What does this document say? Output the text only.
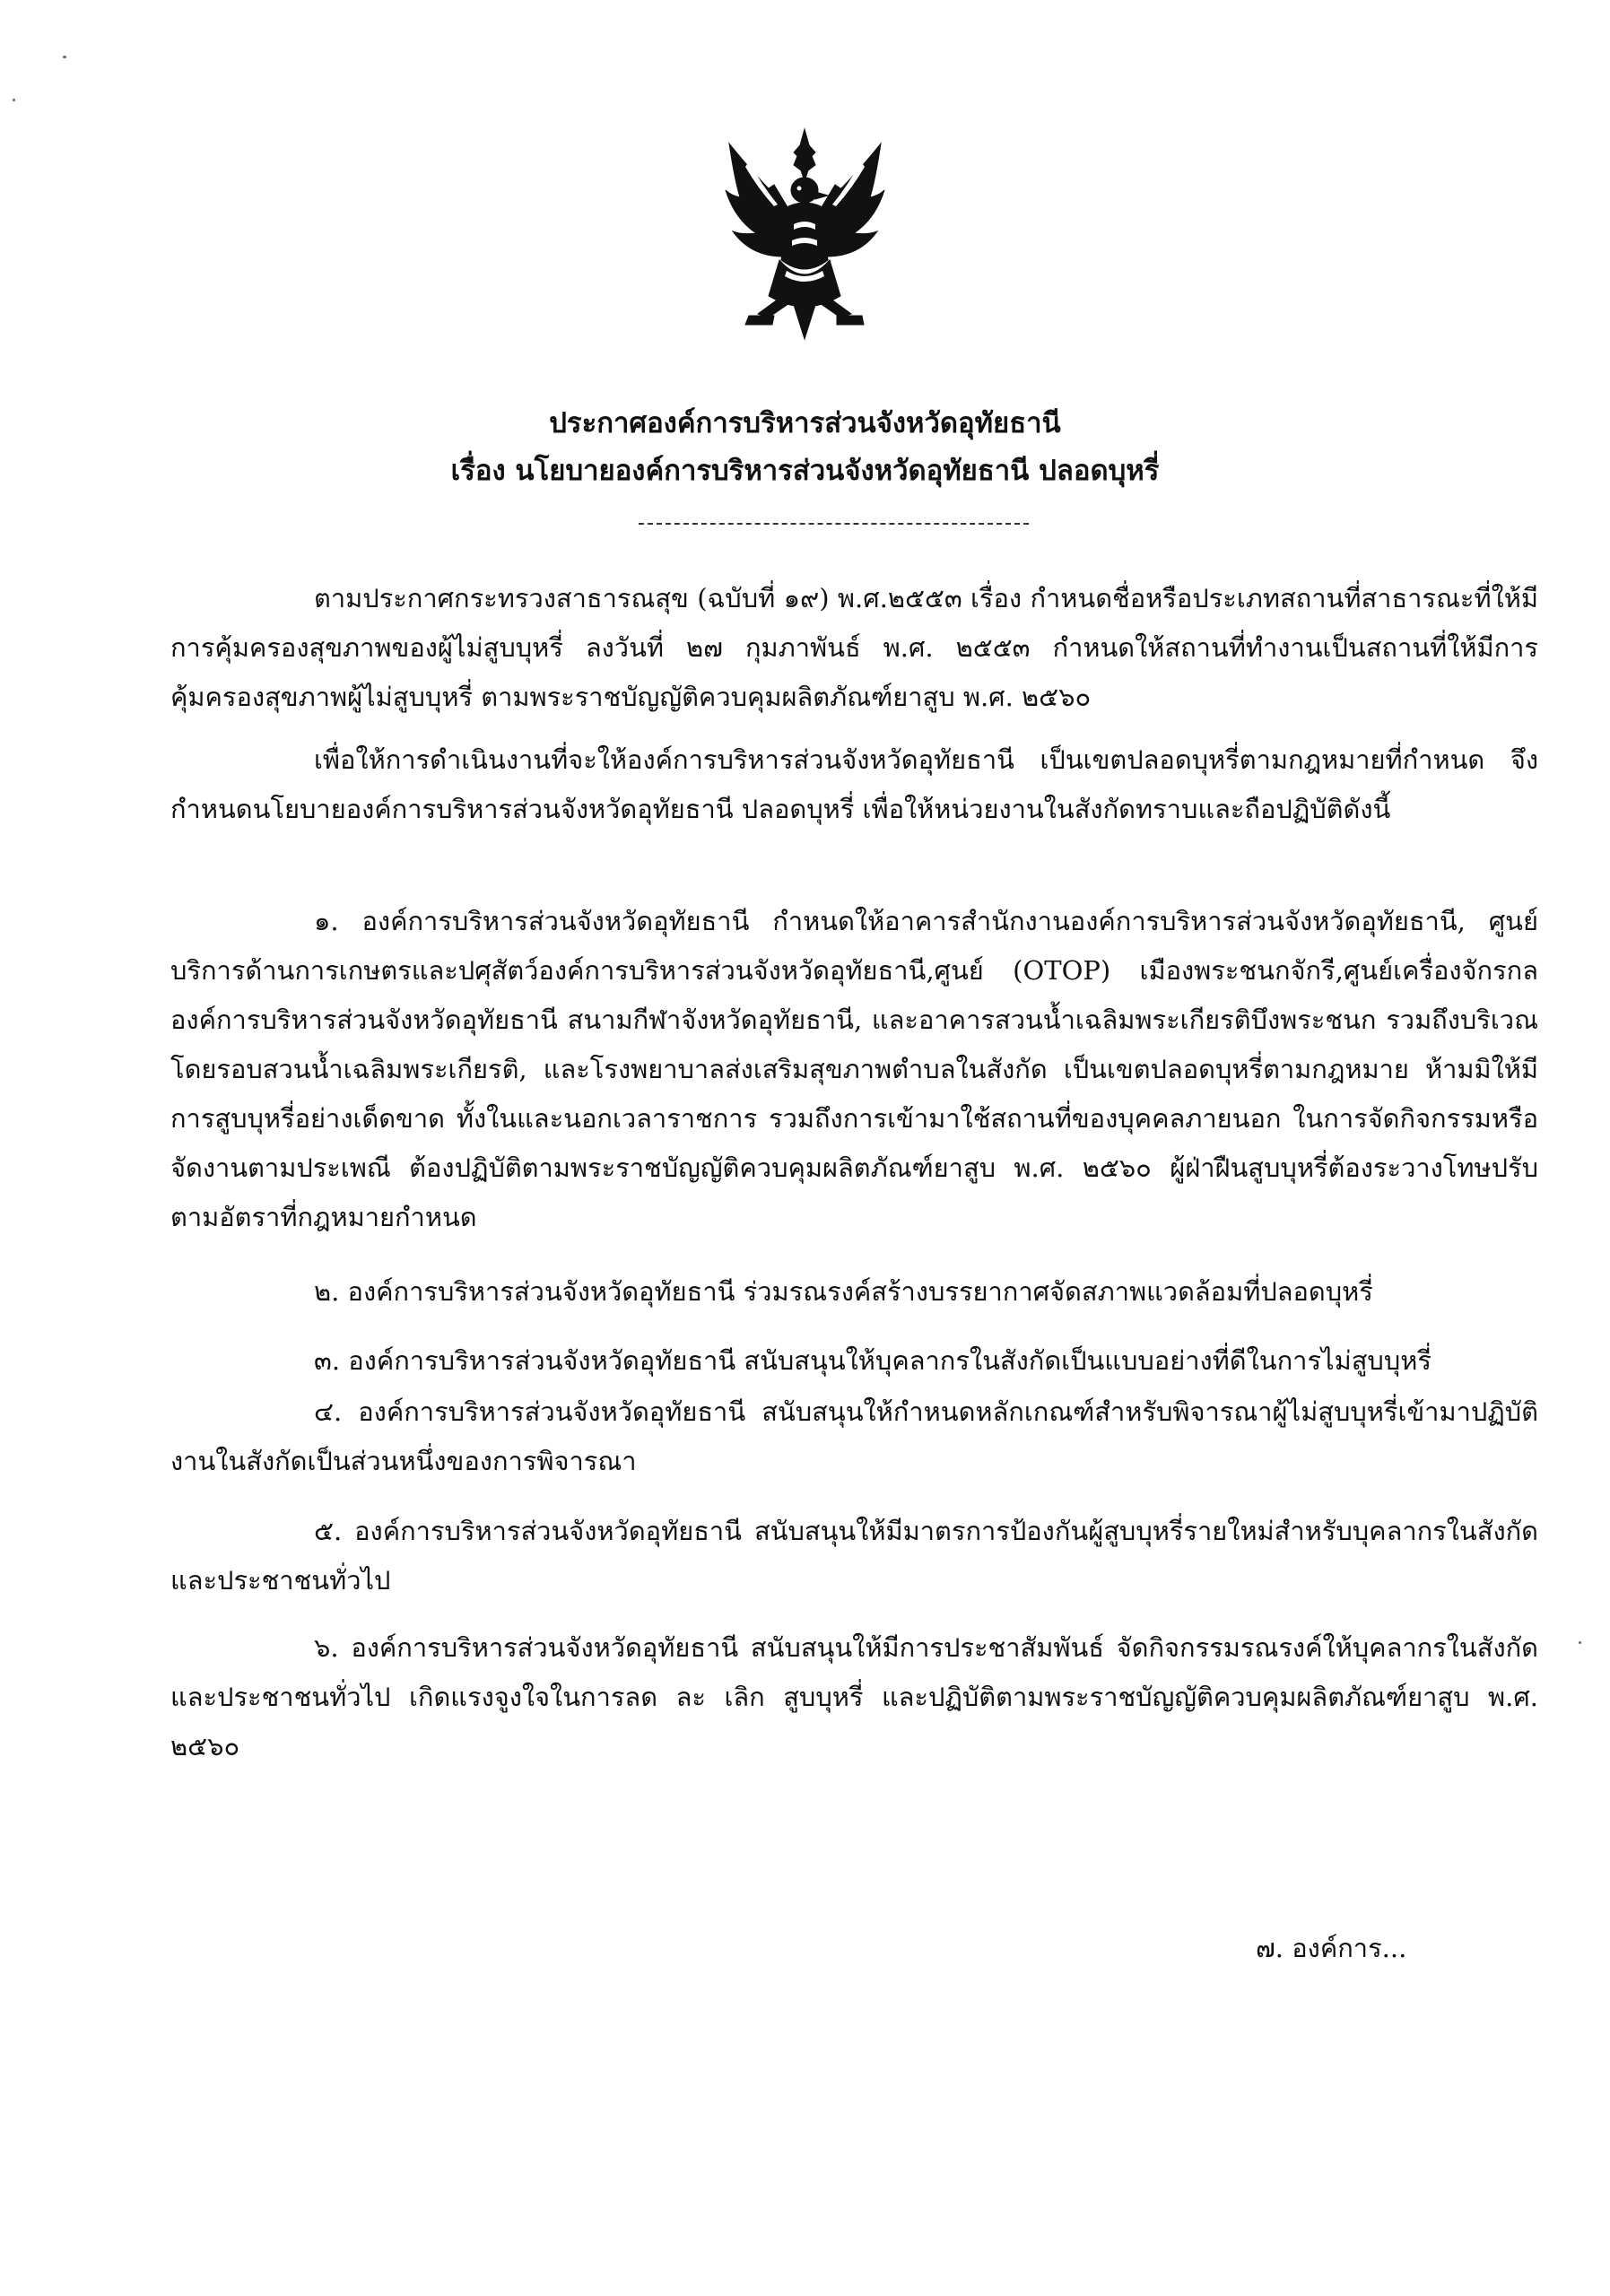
ประกาศองค์การบริหารส่วนจังหวัดอุทัยธานี
เรื่อง นโยบายองค์การบริหารส่วนจังหวัดอุทัยธานี ปลอดบุหรี่
ตามประกาศกระทรวงสาธารณสุข (ฉบับที่ ๑๙) พ.ศ.๒๕๕๓ เรื่อง กำหนดชื่อหรือประเภทสถานที่สาธารณะที่ให้มีการคุ้มครองสุขภาพของผู้ไม่สูบบุหรี่ ลงวันที่ ๒๗ กุมภาพันธ์ พ.ศ. ๒๕๕๓ กำหนดให้สถานที่ทำงานเป็นสถานที่ให้มีการคุ้มครองสุขภาพผู้ไม่สูบบุหรี่ ตามพระราชบัญญัติควบคุมผลิตภัณฑ์ยาสูบ พ.ศ. ๒๕๖๐
เพื่อให้การดำเนินงานที่จะให้องค์การบริหารส่วนจังหวัดอุทัยธานี เป็นเขตปลอดบุหรี่ตามกฎหมายที่กำหนด จึงกำหนดนโยบายองค์การบริหารส่วนจังหวัดอุทัยธานี ปลอดบุหรี่ เพื่อให้หน่วยงานในสังกัดทราบและถือปฏิบัติดังนี้
๑. องค์การบริหารส่วนจังหวัดอุทัยธานี กำหนดให้อาคารสำนักงานองค์การบริหารส่วนจังหวัดอุทัยธานี, ศูนย์บริการด้านการเกษตรและปศุสัตว์องค์การบริหารส่วนจังหวัดอุทัยธานี,ศูนย์ (OTOP) เมืองพระชนกจักรี,ศูนย์เครื่องจักรกลองค์การบริหารส่วนจังหวัดอุทัยธานี สนามกีฬาจังหวัดอุทัยธานี, และอาคารสวนน้ำเฉลิมพระเกียรติบึงพระชนก รวมถึงบริเวณโดยรอบสวนน้ำเฉลิมพระเกียรติ, และโรงพยาบาลส่งเสริมสุขภาพตำบลในสังกัด เป็นเขตปลอดบุหรี่ตามกฎหมาย ห้ามมิให้มีการสูบบุหรี่อย่างเด็ดขาด ทั้งในและนอกเวลาราชการ รวมถึงการเข้ามาใช้สถานที่ของบุคคลภายนอก ในการจัดกิจกรรมหรือจัดงานตามประเพณี ต้องปฏิบัติตามพระราชบัญญัติควบคุมผลิตภัณฑ์ยาสูบ พ.ศ. ๒๕๖๐ ผู้ฝ่าฝืนสูบบุหรี่ต้องระวางโทษปรับตามอัตราที่กฎหมายกำหนด
๒. องค์การบริหารส่วนจังหวัดอุทัยธานี ร่วมรณรงค์สร้างบรรยากาศจัดสภาพแวดล้อมที่ปลอดบุหรี่
๓. องค์การบริหารส่วนจังหวัดอุทัยธานี สนับสนุนให้บุคลากรในสังกัดเป็นแบบอย่างที่ดีในการไม่สูบบุหรี่
๔. องค์การบริหารส่วนจังหวัดอุทัยธานี สนับสนุนให้กำหนดหลักเกณฑ์สำหรับพิจารณาผู้ไม่สูบบุหรี่เข้ามาปฏิบัติงานในสังกัดเป็นส่วนหนึ่งของการพิจารณา
๕. องค์การบริหารส่วนจังหวัดอุทัยธานี สนับสนุนให้มีมาตรการป้องกันผู้สูบบุหรี่รายใหม่สำหรับบุคลากรในสังกัด และประชาชนทั่วไป
๖. องค์การบริหารส่วนจังหวัดอุทัยธานี สนับสนุนให้มีการประชาสัมพันธ์ จัดกิจกรรมรณรงค์ให้บุคลากรในสังกัดและประชาชนทั่วไป เกิดแรงจูงใจในการลด ละ เลิก สูบบุหรี่ และปฏิบัติตามพระราชบัญญัติควบคุมผลิตภัณฑ์ยาสูบ พ.ศ. ๒๕๖๐
๗. องค์การ...
